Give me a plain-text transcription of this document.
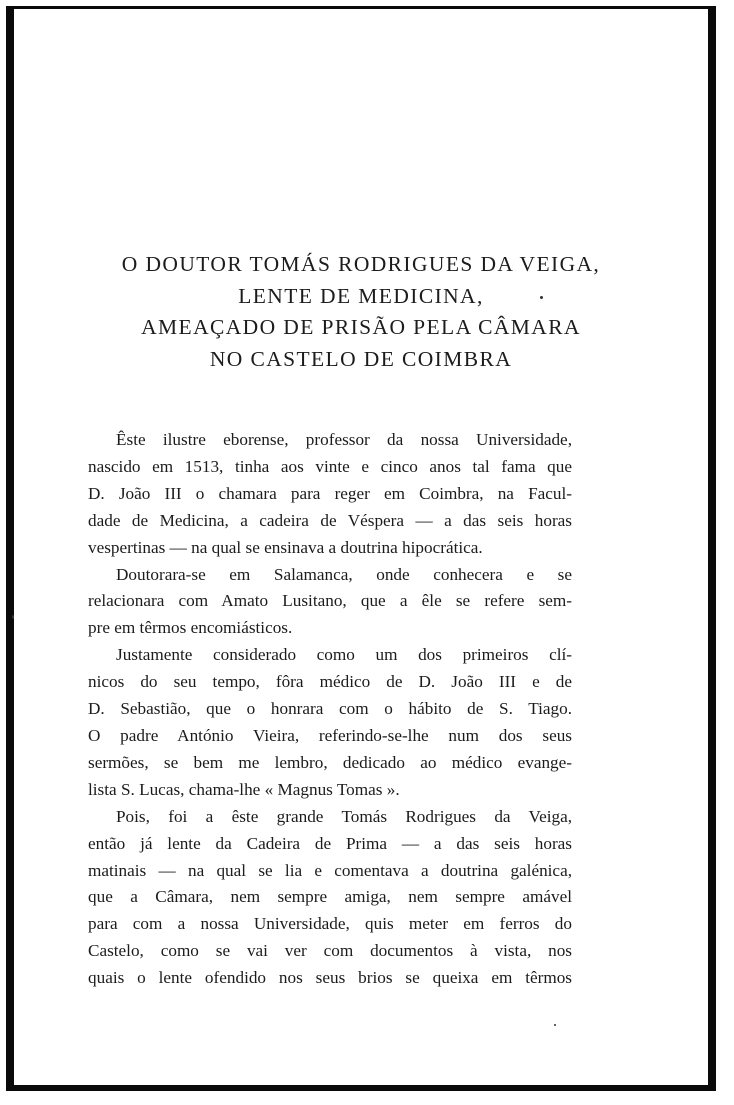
O DOUTOR TOMÁS RODRIGUES DA VEIGA,
LENTE DE MEDICINA,
AMEAÇADO DE PRISÃO PELA CÂMARA
NO CASTELO DE COIMBRA
Êste ilustre eborense, professor da nossa Universidade,
nascido em 1513, tinha aos vinte e cinco anos tal fama que
D. João III o chamara para reger em Coimbra, na Facul-
dade de Medicina, a cadeira de Véspera — a das seis horas
vespertinas — na qual se ensinava a doutrina hipocrática.
Doutorara-se em Salamanca, onde conhecera e se
relacionara com Amato Lusitano, que a êle se refere sem-
pre em têrmos encomiásticos.
Justamente considerado como um dos primeiros clí-
nicos do seu tempo, fôra médico de D. João III e de
D. Sebastião, que o honrara com o hábito de S. Tiago.
O padre António Vieira, referindo-se-lhe num dos seus
sermões, se bem me lembro, dedicado ao médico evange-
lista S. Lucas, chama-lhe « Magnus Tomas ».
Pois, foi a êste grande Tomás Rodrigues da Veiga,
então já lente da Cadeira de Prima — a das seis horas
matinais — na qual se lia e comentava a doutrina galénica,
que a Câmara, nem sempre amiga, nem sempre amável
para com a nossa Universidade, quis meter em ferros do
Castelo, como se vai ver com documentos à vista, nos
quais o lente ofendido nos seus brios se queixa em têrmos
